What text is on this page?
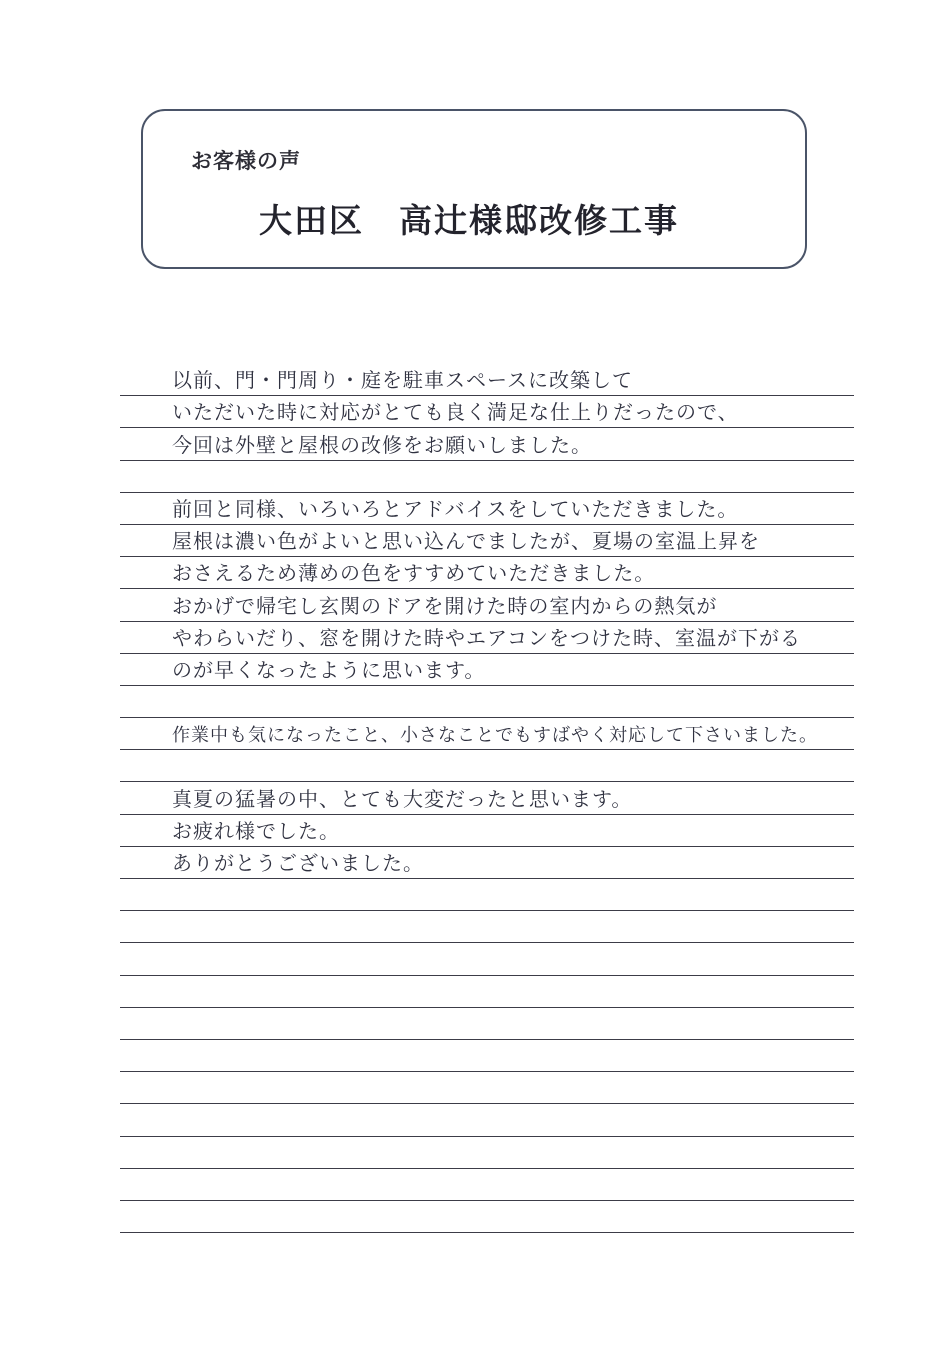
お客様の声
大田区　高辻様邸改修工事
以前、門・門周り・庭を駐車スペースに改築して
いただいた時に対応がとても良く満足な仕上りだったので、
今回は外壁と屋根の改修をお願いしました。
前回と同様、いろいろとアドバイスをしていただきました。
屋根は濃い色がよいと思い込んでましたが、夏場の室温上昇を
おさえるため薄めの色をすすめていただきました。
おかげで帰宅し玄関のドアを開けた時の室内からの熱気が
やわらいだり、窓を開けた時やエアコンをつけた時、室温が下がる
のが早くなったように思います。
作業中も気になったこと、小さなことでもすばやく対応して下さいました。
真夏の猛暑の中、とても大変だったと思います。
お疲れ様でした。
ありがとうございました。
